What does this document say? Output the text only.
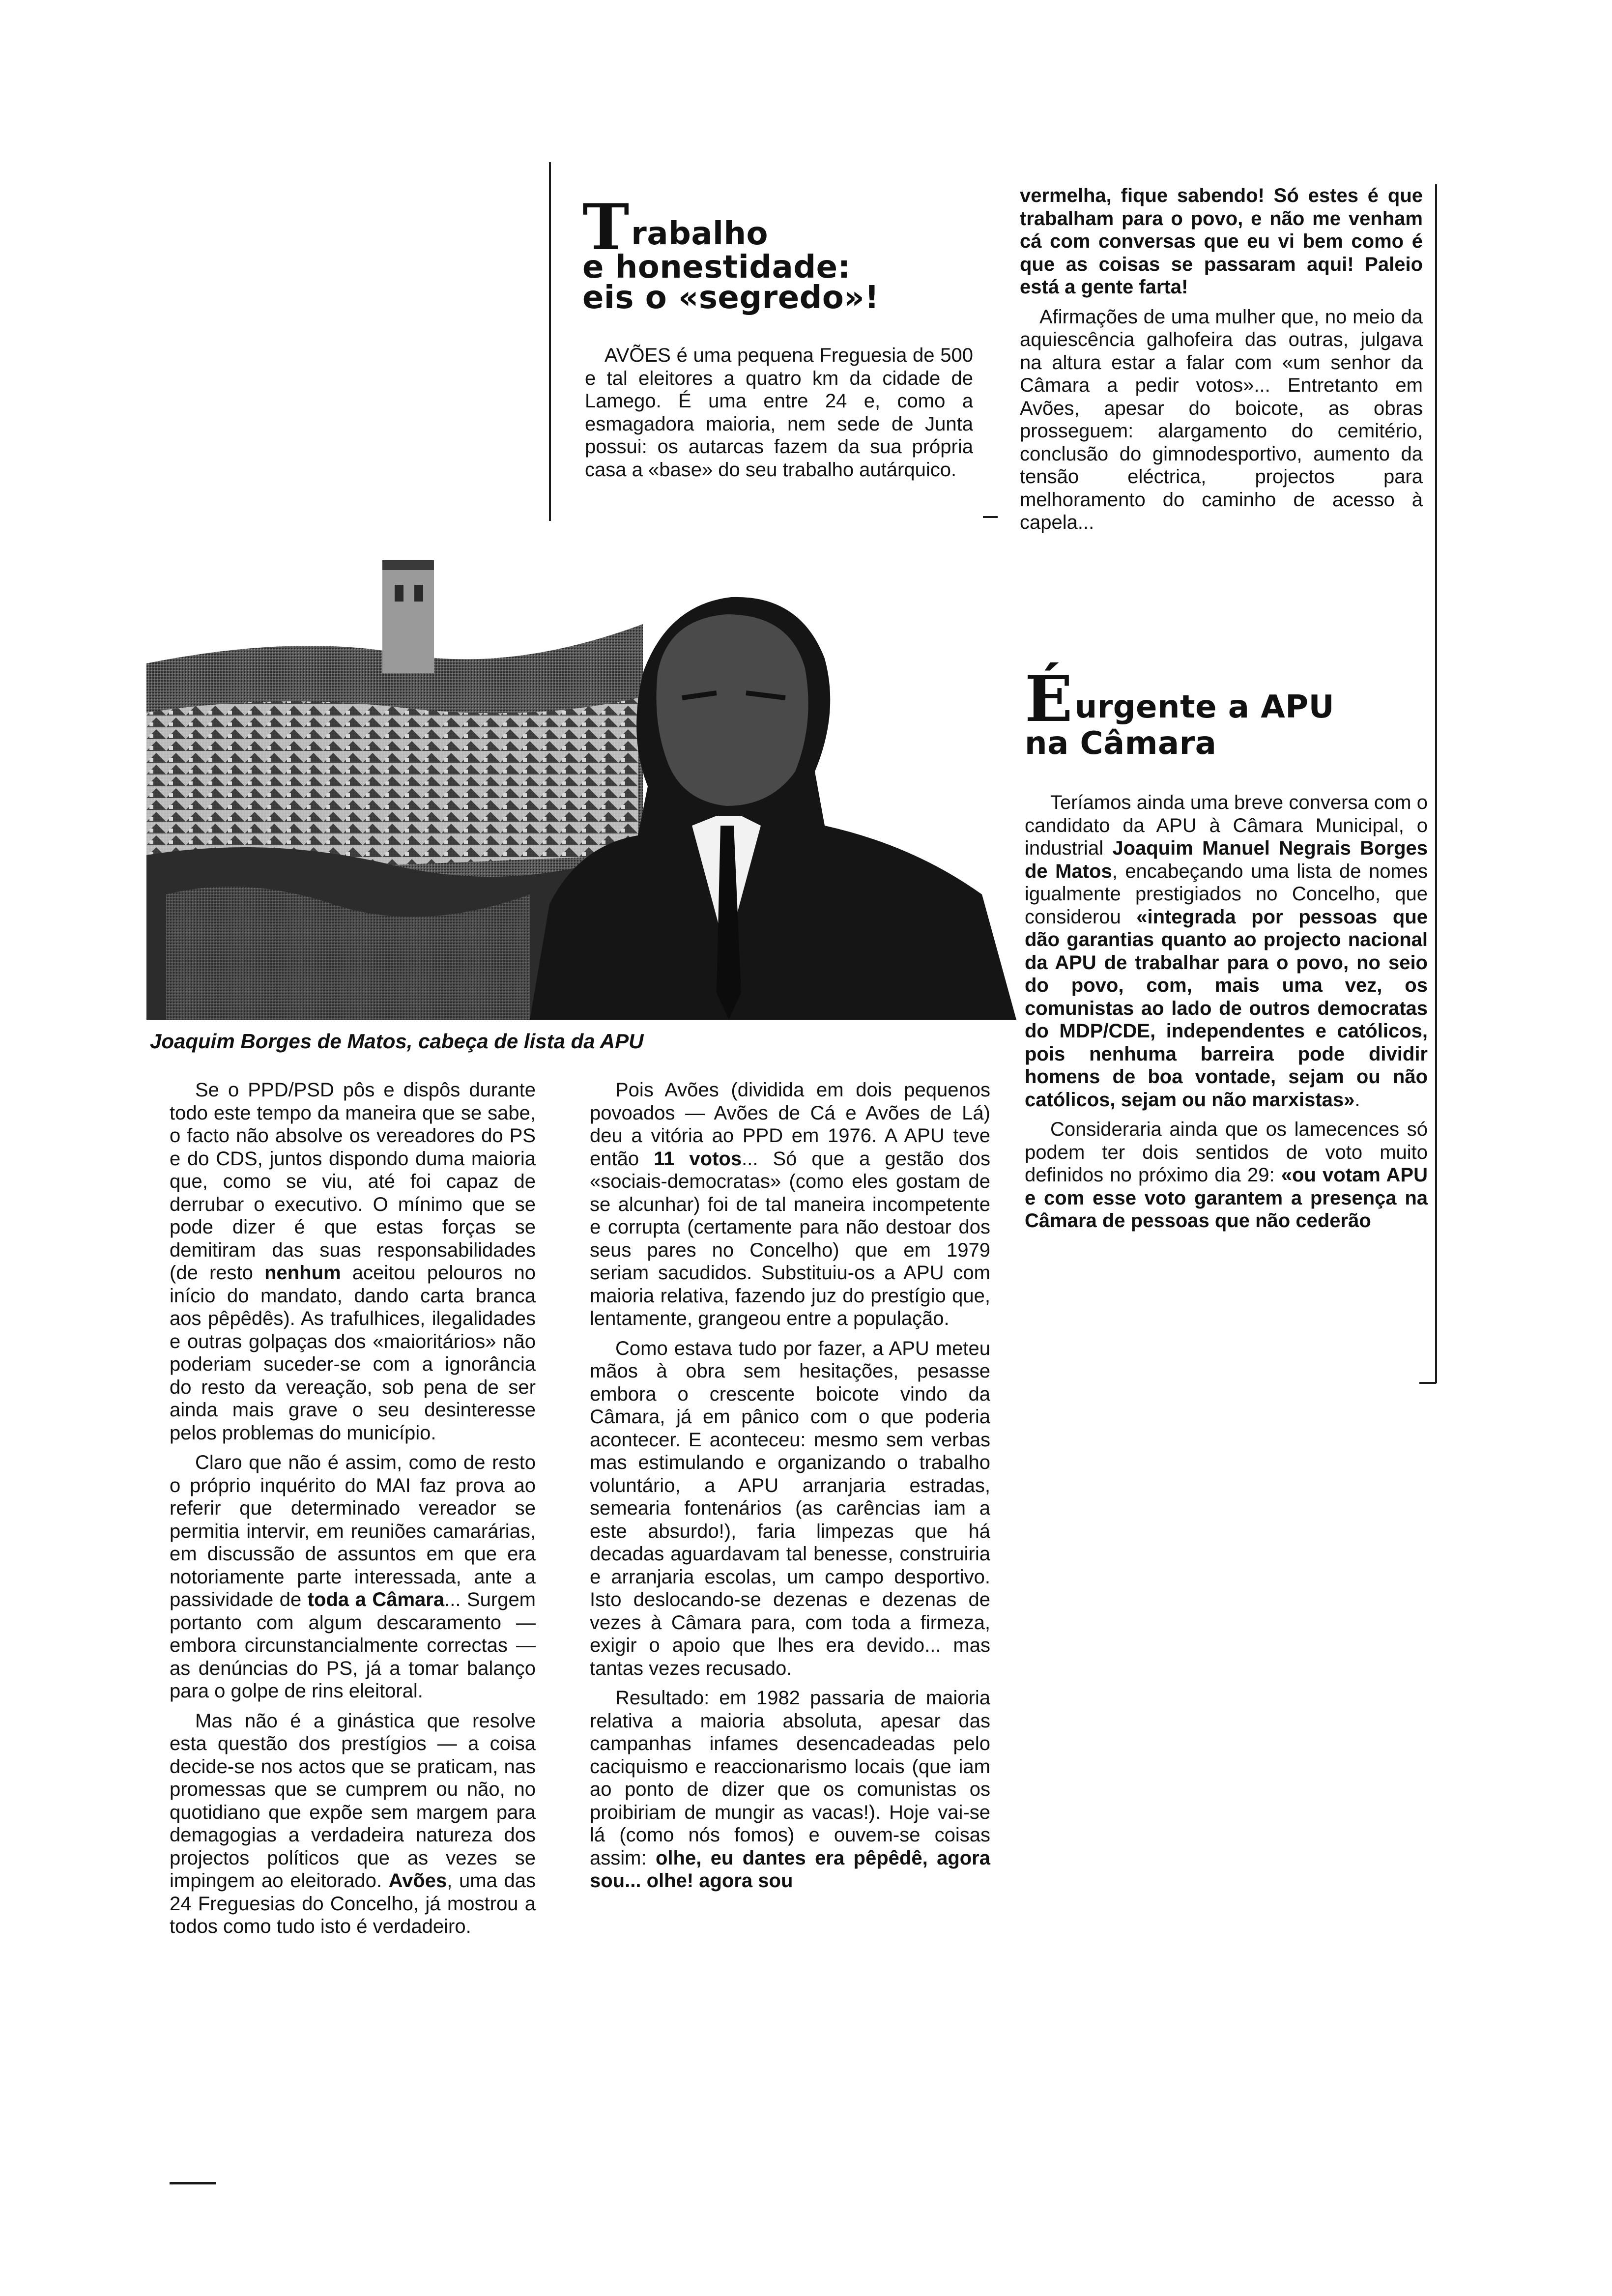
T rabalho
e honestidade:
eis o «segredo»!

AVÕES é uma pequena Freguesia de 500 e tal eleitores a quatro km da cidade de Lamego. É uma entre 24 e, como a esmagadora maioria, nem sede de Junta possui: os autarcas fazem da sua própria casa a «base» do seu trabalho autárquico.

Joaquim Borges de Matos, cabeça de lista da APU

Se o PPD/PSD pôs e dispôs durante todo este tempo da maneira que se sabe, o facto não absolve os vereadores do PS e do CDS, juntos dispondo duma maioria que, como se viu, até foi capaz de derrubar o executivo. O mínimo que se pode dizer é que estas forças se demitiram das suas responsabilidades (de resto nenhum aceitou pelouros no início do mandato, dando carta branca aos pêpêdês). As trafulhices, ilegalidades e outras golpaças dos «maioritários» não poderiam suceder-se com a ignorância do resto da vereação, sob pena de ser ainda mais grave o seu desinteresse pelos problemas do município.

Claro que não é assim, como de resto o próprio inquérito do MAI faz prova ao referir que determinado vereador se permitia intervir, em reuniões camarárias, em discussão de assuntos em que era notoriamente parte interessada, ante a passividade de toda a Câmara... Surgem portanto com algum descaramento — embora circunstancialmente correctas — as denúncias do PS, já a tomar balanço para o golpe de rins eleitoral.

Mas não é a ginástica que resolve esta questão dos prestígios — a coisa decide-se nos actos que se praticam, nas promessas que se cumprem ou não, no quotidiano que expõe sem margem para demagogias a verdadeira natureza dos projectos políticos que as vezes se impingem ao eleitorado. Avões, uma das 24 Freguesias do Concelho, já mostrou a todos como tudo isto é verdadeiro.

Pois Avões (dividida em dois pequenos povoados — Avões de Cá e Avões de Lá) deu a vitória ao PPD em 1976. A APU teve então 11 votos... Só que a gestão dos «sociais-democratas» (como eles gostam de se alcunhar) foi de tal maneira incompetente e corrupta (certamente para não destoar dos seus pares no Concelho) que em 1979 seriam sacudidos. Substituiu-os a APU com maioria relativa, fazendo juz do prestígio que, lentamente, grangeou entre a população.

Como estava tudo por fazer, a APU meteu mãos à obra sem hesitações, pesasse embora o crescente boicote vindo da Câmara, já em pânico com o que poderia acontecer. E aconteceu: mesmo sem verbas mas estimulando e organizando o trabalho voluntário, a APU arranjaria estradas, semearia fontenários (as carências iam a este absurdo!), faria limpezas que há decadas aguardavam tal benesse, construiria e arranjaria escolas, um campo desportivo. Isto deslocando-se dezenas e dezenas de vezes à Câmara para, com toda a firmeza, exigir o apoio que lhes era devido... mas tantas vezes recusado.

Resultado: em 1982 passaria de maioria relativa a maioria absoluta, apesar das campanhas infames desencadeadas pelo caciquismo e reaccionarismo locais (que iam ao ponto de dizer que os comunistas os proibiriam de mungir as vacas!). Hoje vai-se lá (como nós fomos) e ouvem-se coisas assim: olhe, eu dantes era pêpêdê, agora sou... olhe! agora sou

vermelha, fique sabendo! Só estes é que trabalham para o povo, e não me venham cá com conversas que eu vi bem como é que as coisas se passaram aqui! Paleio está a gente farta!

Afirmações de uma mulher que, no meio da aquiescência galhofeira das outras, julgava na altura estar a falar com «um senhor da Câmara a pedir votos»... Entretanto em Avões, apesar do boicote, as obras prosseguem: alargamento do cemitério, conclusão do gimnodesportivo, aumento da tensão eléctrica, projectos para melhoramento do caminho de acesso à capela...

É urgente a APU
na Câmara

Teríamos ainda uma breve conversa com o candidato da APU à Câmara Municipal, o industrial Joaquim Manuel Negrais Borges de Matos, encabeçando uma lista de nomes igualmente prestigiados no Concelho, que considerou «integrada por pessoas que dão garantias quanto ao projecto nacional da APU de trabalhar para o povo, no seio do povo, com, mais uma vez, os comunistas ao lado de outros democratas do MDP/CDE, independentes e católicos, pois nenhuma barreira pode dividir homens de boa vontade, sejam ou não católicos, sejam ou não marxistas».

Consideraria ainda que os lamecences só podem ter dois sentidos de voto muito definidos no próximo dia 29: «ou votam APU e com esse voto garantem a presença na Câmara de pessoas que não cederão
